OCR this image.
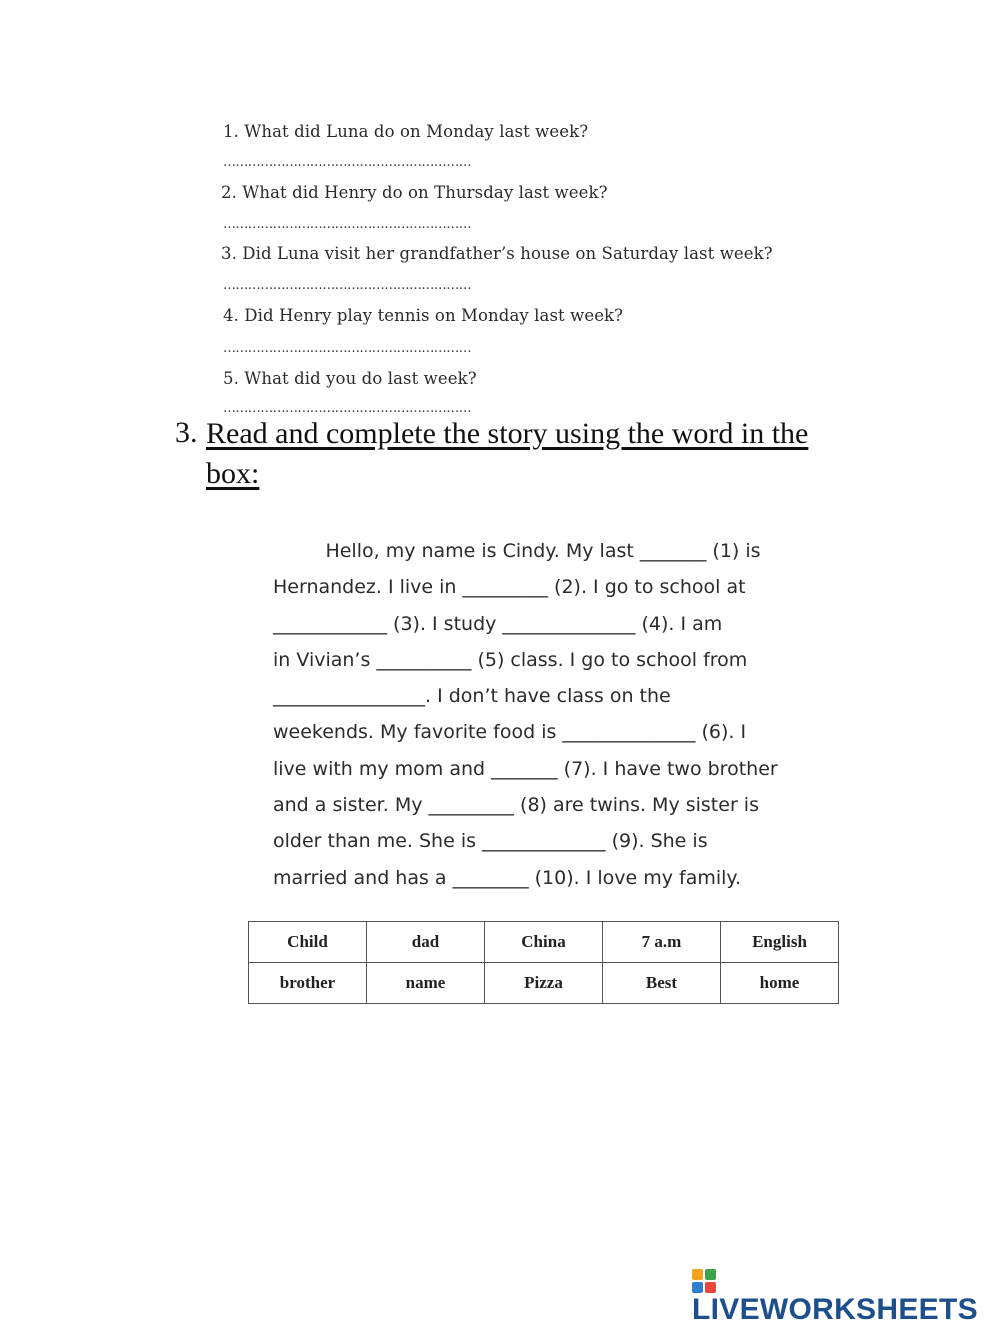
1. What did Luna do on Monday last week?
……………………………………………………
2. What did Henry do on Thursday last week?
……………………………………………………
3. Did Luna visit her grandfather’s house on Saturday last week?
……………………………………………………
4. Did Henry play tennis on Monday last week?
……………………………………………………
5. What did you do last week?
……………………………………………………
3. Read and complete the story using the word in the box:
Hello, my name is Cindy. My last _______ (1) is
Hernandez. I live in _________ (2). I go to school at
____________ (3). I study ______________ (4). I am
in Vivian’s __________ (5) class. I go to school from
________________. I don’t have class on the
weekends. My favorite food is ______________ (6). I
live with my mom and _______ (7). I have two brother
and a sister. My _________ (8) are twins. My sister is
older than me. She is _____________ (9). She is
married and has a ________ (10). I love my family.
Child	dad	China	7 a.m	English
brother	name	Pizza	Best	home
LIVEWORKSHEETS
